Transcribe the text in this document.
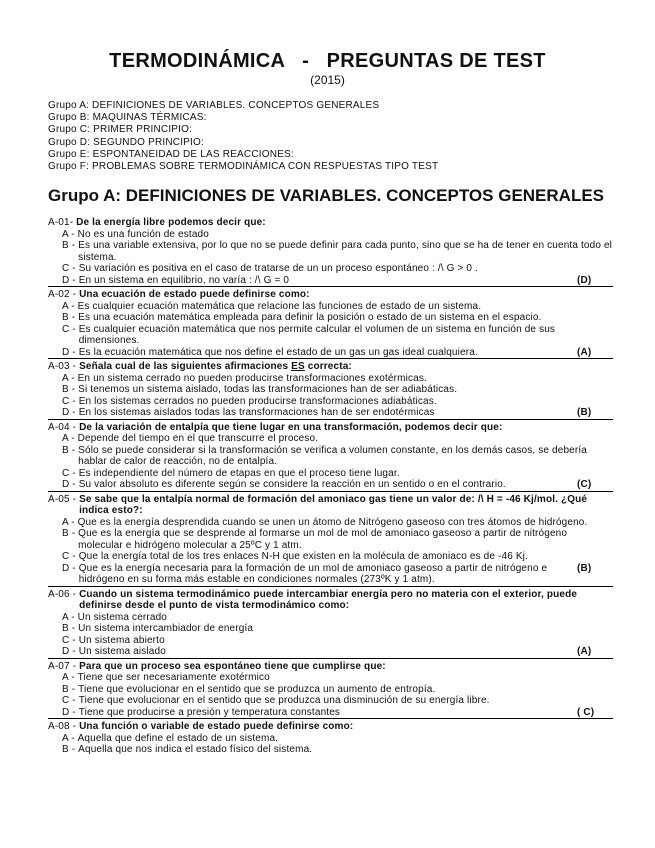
TERMODINÁMICA   -   PREGUNTAS DE TEST
(2015)
Grupo A: DEFINICIONES DE VARIABLES. CONCEPTOS GENERALES
Grupo B: MAQUINAS TÉRMICAS:
Grupo C: PRIMER PRINCIPIO:
Grupo D: SEGUNDO PRINCIPIO:
Grupo E: ESPONTANEIDAD DE LAS REACCIONES:
Grupo F: PROBLEMAS SOBRE TERMODINÁMICA CON RESPUESTAS TIPO TEST
Grupo A: DEFINICIONES DE VARIABLES. CONCEPTOS GENERALES
A-01- De la energía libre podemos decir que:
A - No es una función de estado
B - Es una variable extensiva, por lo que no se puede definir para cada punto, sino que se ha de tener en cuenta todo el sistema.
C - Su variación es positiva en el caso de tratarse de un un proceso espontáneo : /\ G > 0 .
D - En un sistema en equilibrio, no varía : /\ G = 0	(D)
A-02 - Una ecuación de estado puede definirse como:
A - Es cualquier ecuación matemática que relacione las funciones de estado de un sistema.
B - Es una ecuación matemática empleada para definir la posición o estado de un sistema en el espacio.
C - Es cualquier ecuación matemática que nos permite calcular el volumen de un sistema en función de sus dimensiones.
D - Es la ecuación matemática que nos define el estado de un gas un gas ideal cualquiera.	(A)
A-03 - Señala cual de las siguientes afirmaciones ES correcta:
A - En un sistema cerrado no pueden producirse transformaciones exotérmicas.
B - Si tenemos un sistema aislado, todas las transformaciones han de ser adiabáticas.
C - En los sistemas cerrados no pueden producirse transformaciones adiabáticas.
D - En los sistemas aislados todas las transformaciones han de ser endotérmicas	(B)
A-04 - De la variación de entalpía que tiene lugar en una transformación, podemos decir que:
A - Depende del tiempo en el que transcurre el proceso.
B - Sólo se puede considerar si la transformación se verifica a volumen constante, en los demás casos, se debería hablar de calor de reacción, no de entalpía.
C - Es independiente del número de etapas en que el proceso tiene lugar.
D - Su valor absoluto es diferente según se considere la reacción en un sentido o en el contrario.	(C)
A-05 - Se sabe que la entalpía normal de formación del amoniaco gas tiene un valor de: /\ H = -46 Kj/mol. ¿Qué indica esto?:
A - Que es la energía desprendida cuando se unen un átomo de Nitrógeno gaseoso con tres átomos de hidrógeno.
B - Que es la energía que se desprende al formarse un mol de mol de amoniaco gaseoso a partir de nitrógeno molecular e hidrógeno molecular a 25ºC y 1 atm.
C - Que la energía total de los tres enlaces N-H que existen en la molécula de amoniaco es de -46 Kj.
D - Que es la energía necesaria para la formación de un mol de amoniaco gaseoso a partir de nitrógeno e hidrógeno en su forma más estable en condiciones normales (273ºK y 1 atm).
(B)
A-06 - Cuando un sistema termodinámico puede intercambiar energía pero no materia con el exterior, puede definirse desde el punto de vista termodinámico como:
A - Un sistema cerrado
B - Un sistema intercambiador de energía
C - Un sistema abierto
D - Un sistema aislado	(A)
A-07 - Para que un proceso sea espontáneo tiene que cumplirse que:
A - Tiene que ser necesariamente exotérmico
B - Tiene que evolucionar en el sentido que se produzca un aumento de entropía.
C - Tiene que evolucionar en el sentido que se produzca una disminución de su energía libre.
D - Tiene que producirse a presión y temperatura constantes	( C)
A-08 - Una función o variable de estado puede definirse como:
A - Aquella que define el estado de un sistema.
B - Aquella que nos indica el estado físico del sistema.
